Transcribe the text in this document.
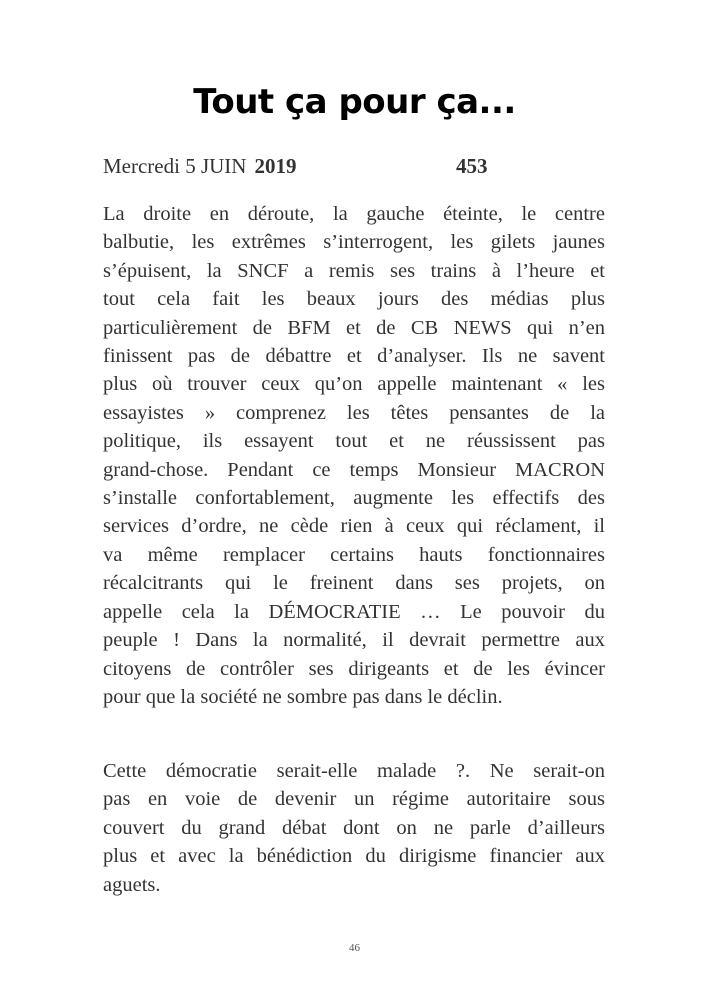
Tout ça pour ça...
Mercredi 5 JUIN 2019	453
La droite en déroute, la gauche éteinte, le centre
balbutie, les extrêmes s’interrogent, les gilets jaunes
s’épuisent, la SNCF a remis ses trains à l’heure et
tout cela fait les beaux jours des médias plus
particulièrement de BFM et de CB NEWS qui n’en
finissent pas de débattre et d’analyser. Ils ne savent
plus où trouver ceux qu’on appelle maintenant « les
essayistes » comprenez les têtes pensantes de la
politique, ils essayent tout et ne réussissent pas
grand-chose. Pendant ce temps Monsieur MACRON
s’installe confortablement, augmente les effectifs des
services d’ordre, ne cède rien à ceux qui réclament, il
va même remplacer certains hauts fonctionnaires
récalcitrants qui le freinent dans ses projets, on
appelle cela la DÉMOCRATIE … Le pouvoir du
peuple ! Dans la normalité, il devrait permettre aux
citoyens de contrôler ses dirigeants et de les évincer
pour que la société ne sombre pas dans le déclin.
Cette démocratie serait-elle malade ?. Ne serait-on
pas en voie de devenir un régime autoritaire sous
couvert du grand débat dont on ne parle d’ailleurs
plus et avec la bénédiction du dirigisme financier aux
aguets.
46
